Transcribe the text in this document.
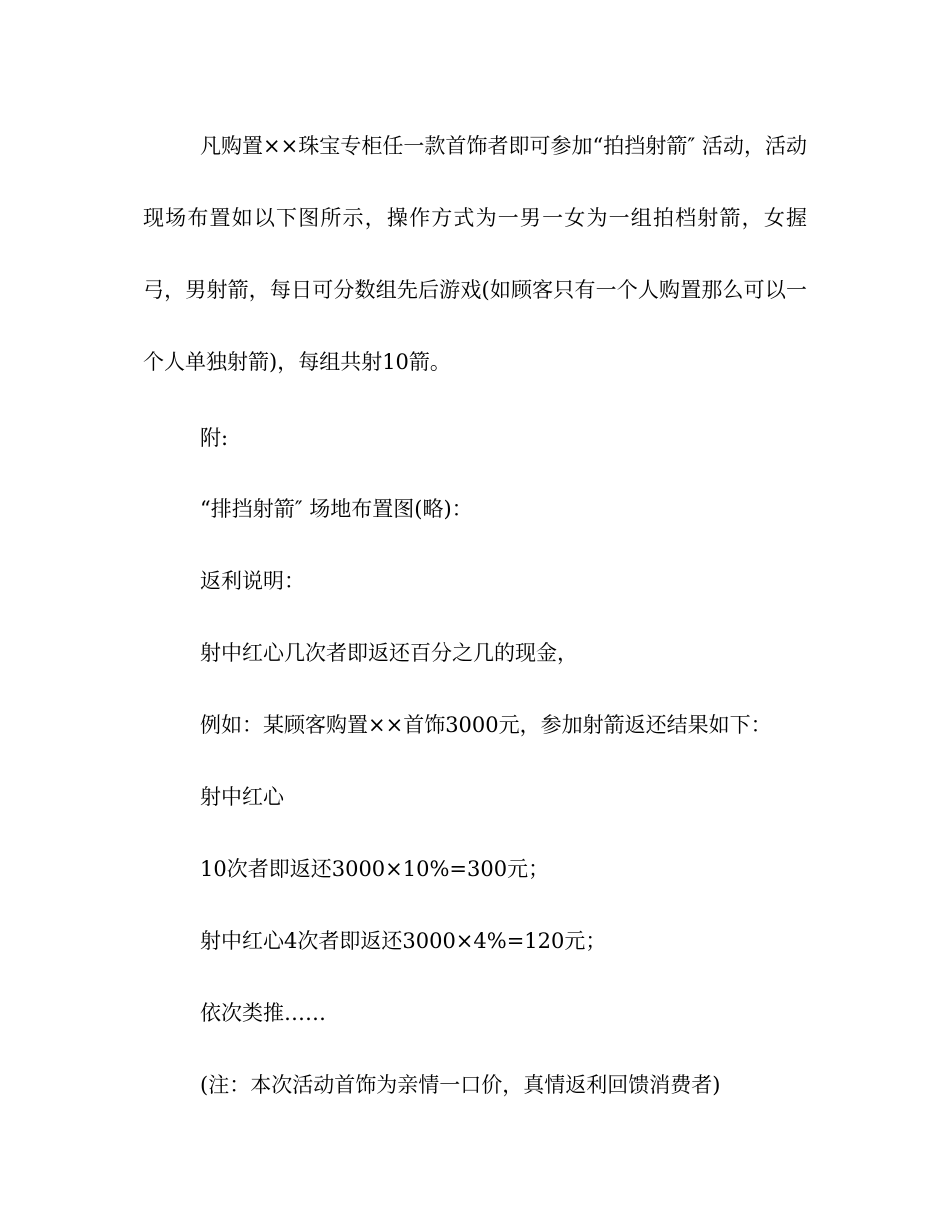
凡购置××珠宝专柜任一款首饰者即可参加“拍挡射箭″ 活动，活动现场布置如以下图所示，操作方式为一男一女为一组拍档射箭，女握弓，男射箭，每日可分数组先后游戏(如顾客只有一个人购置那么可以一个人单独射箭)，每组共射10箭。

附:

“排挡射箭″ 场地布置图(略)：

返利说明：

射中红心几次者即返还百分之几的现金，

例如：某顾客购置××首饰3000元，参加射箭返还结果如下：

射中红心

10次者即返还3000×10%=300元；

射中红心4次者即返还3000×4%=120元；

依次类推……

(注：本次活动首饰为亲情一口价，真情返利回馈消费者)
